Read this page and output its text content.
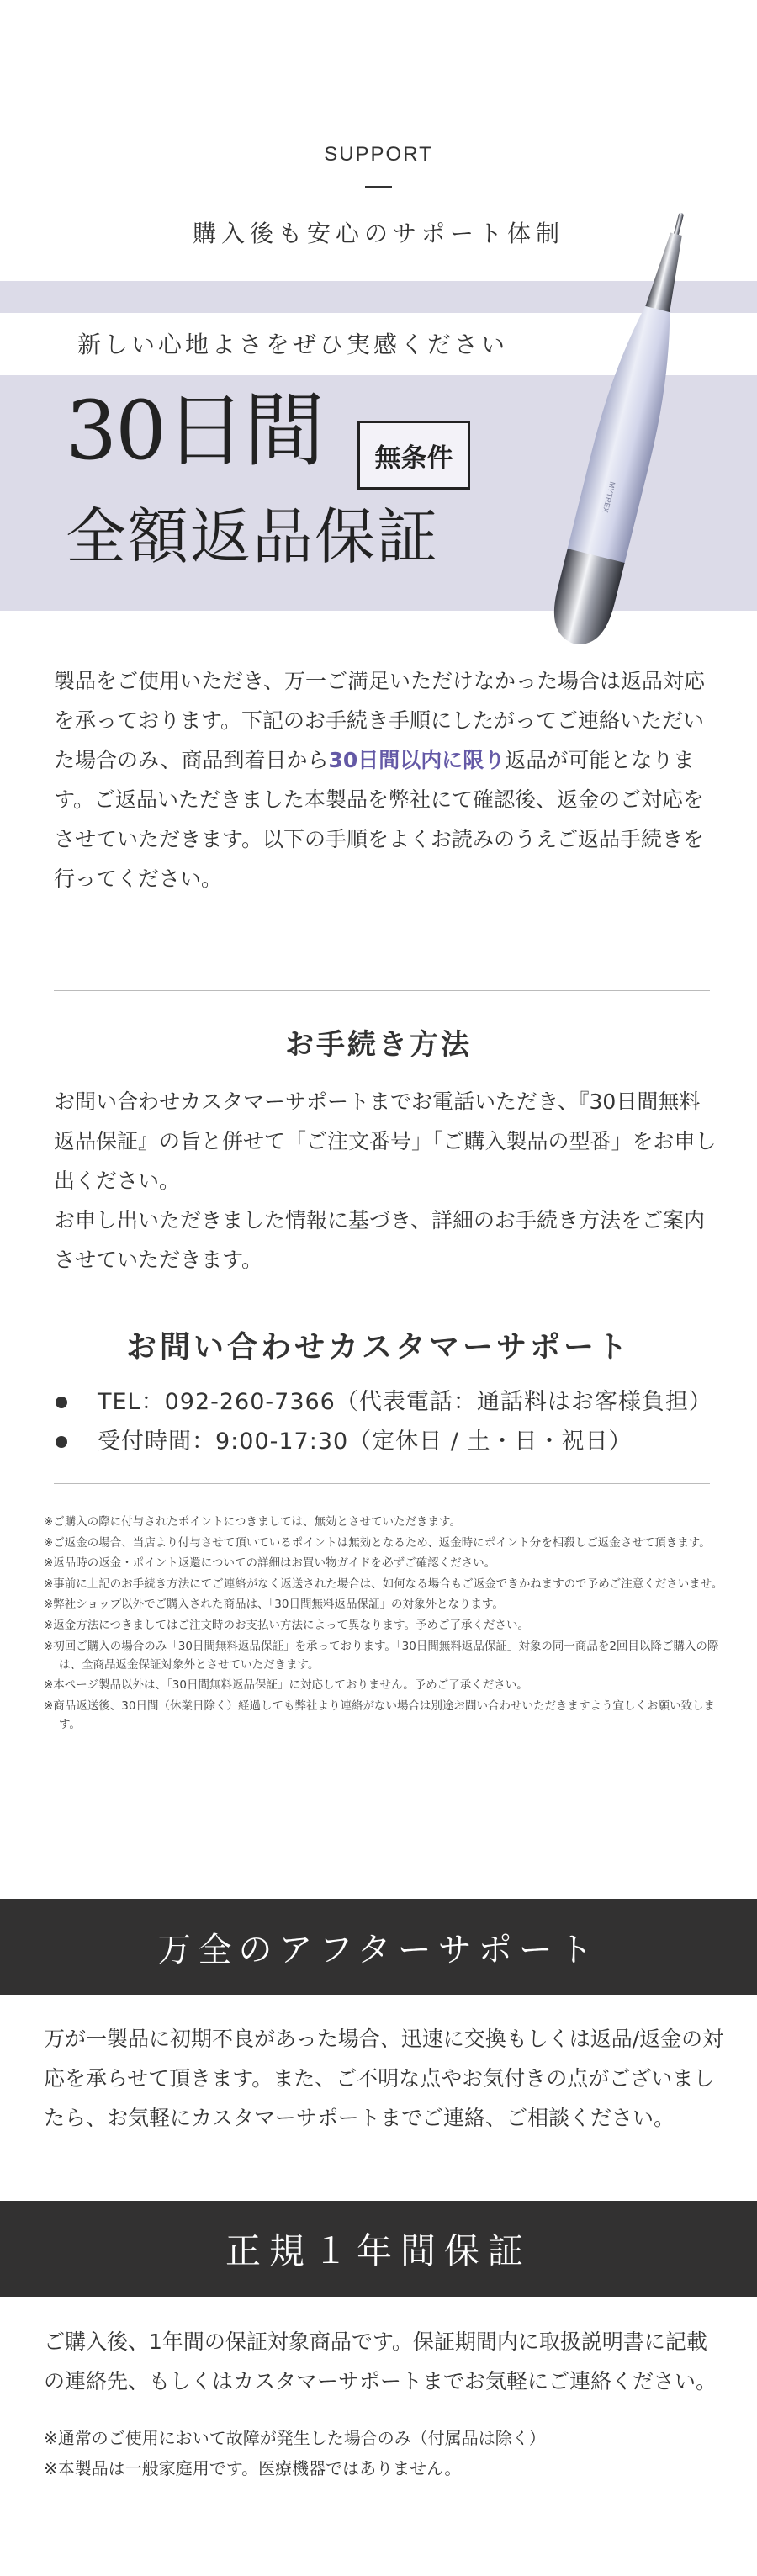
SUPPORT
購入後も安心のサポート体制
新しい心地よさをぜひ実感ください
30日間	無条件
全額返品保証
MYTREX

製品をご使用いただき、万一ご満足いただけなかった場合は返品対応を承っております。下記のお手続き手順にしたがってご連絡いただいた場合のみ、商品到着日から30日間以内に限り返品が可能となります。ご返品いただきました本製品を弊社にて確認後、返金のご対応をさせていただきます。以下の手順をよくお読みのうえご返品手続きを行ってください。

お手続き方法

お問い合わせカスタマーサポートまでお電話いただき、『30日間無料返品保証』の旨と併せて「ご注文番号」「ご購入製品の型番」をお申し出ください。

お申し出いただきました情報に基づき、詳細のお手続き方法をご案内させていただきます。

お問い合わせカスタマーサポート
TEL：092-260-7366（代表電話：通話料はお客様負担）
受付時間：9:00-17:30（定休日 / 土・日・祝日）
※ご購入の際に付与されたポイントにつきましては、無効とさせていただきます。
※ご返金の場合、当店より付与させて頂いているポイントは無効となるため、返金時にポイント分を相殺しご返金させて頂きます。
※返品時の返金・ポイント返還についての詳細はお買い物ガイドを必ずご確認ください。
※事前に上記のお手続き方法にてご連絡がなく返送された場合は、如何なる場合もご返金できかねますので予めご注意くださいませ。
※弊社ショップ以外でご購入された商品は、「30日間無料返品保証」の対象外となります。
※返金方法につきましてはご注文時のお支払い方法によって異なります。予めご了承ください。
※初回ご購入の場合のみ「30日間無料返品保証」を承っております。「30日間無料返品保証」対象の同一商品を2回目以降ご購入の際は、全商品返金保証対象外とさせていただきます。
※本ページ製品以外は、「30日間無料返品保証」に対応しておりません。予めご了承ください。
※商品返送後、30日間（休業日除く）経過しても弊社より連絡がない場合は別途お問い合わせいただきますよう宜しくお願い致します。
万全のアフターサポート

万が一製品に初期不良があった場合、迅速に交換もしくは返品/返金の対応を承らせて頂きます。また、ご不明な点やお気付きの点がございましたら、お気軽にカスタマーサポートまでご連絡、ご相談ください。

正規１年間保証

ご購入後、1年間の保証対象商品です。保証期間内に取扱説明書に記載の連絡先、もしくはカスタマーサポートまでお気軽にご連絡ください。

※通常のご使用において故障が発生した場合のみ（付属品は除く）
※本製品は一般家庭用です。医療機器ではありません。
